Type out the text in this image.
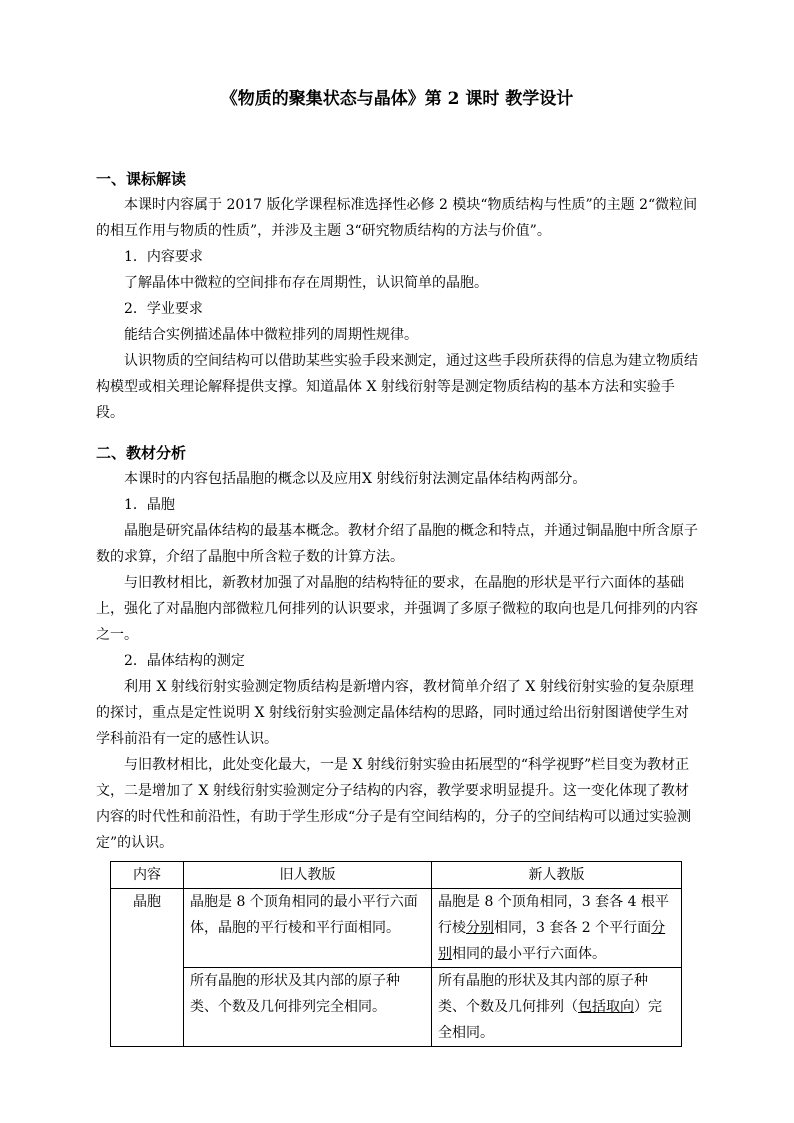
《物质的聚集状态与晶体》第 2 课时 教学设计

一、课标解读

本课时内容属于 2017 版化学课程标准选择性必修 2 模块“物质结构与性质”的主题 2“微粒间的相互作用与物质的性质”，并涉及主题 3“研究物质结构的方法与价值”。

1．内容要求

了解晶体中微粒的空间排布存在周期性，认识简单的晶胞。

2．学业要求

能结合实例描述晶体中微粒排列的周期性规律。

认识物质的空间结构可以借助某些实验手段来测定，通过这些手段所获得的信息为建立物质结构模型或相关理论解释提供支撑。知道晶体 X 射线衍射等是测定物质结构的基本方法和实验手段。

二、教材分析

本课时的内容包括晶胞的概念以及应用X 射线衍射法测定晶体结构两部分。

1．晶胞

晶胞是研究晶体结构的最基本概念。教材介绍了晶胞的概念和特点，并通过铜晶胞中所含原子数的求算，介绍了晶胞中所含粒子数的计算方法。

与旧教材相比，新教材加强了对晶胞的结构特征的要求，在晶胞的形状是平行六面体的基础上，强化了对晶胞内部微粒几何排列的认识要求，并强调了多原子微粒的取向也是几何排列的内容之一。

2．晶体结构的测定

利用 X 射线衍射实验测定物质结构是新增内容，教材简单介绍了 X 射线衍射实验的复杂原理的探讨，重点是定性说明 X 射线衍射实验测定晶体结构的思路，同时通过给出衍射图谱使学生对学科前沿有一定的感性认识。

与旧教材相比，此处变化最大，一是 X 射线衍射实验由拓展型的“科学视野”栏目变为教材正文，二是增加了 X 射线衍射实验测定分子结构的内容，教学要求明显提升。这一变化体现了教材内容的时代性和前沿性，有助于学生形成“分子是有空间结构的，分子的空间结构可以通过实验测定”的认识。

内容	旧人教版	新人教版
晶胞	晶胞是 8 个顶角相同的最小平行六面体，晶胞的平行棱和平行面相同。	晶胞是 8 个顶角相同，3 套各 4 根平行棱分别相同，3 套各 2 个平行面分别相同的最小平行六面体。
	所有晶胞的形状及其内部的原子种类、个数及几何排列完全相同。	所有晶胞的形状及其内部的原子种类、个数及几何排列（包括取向）完全相同。
